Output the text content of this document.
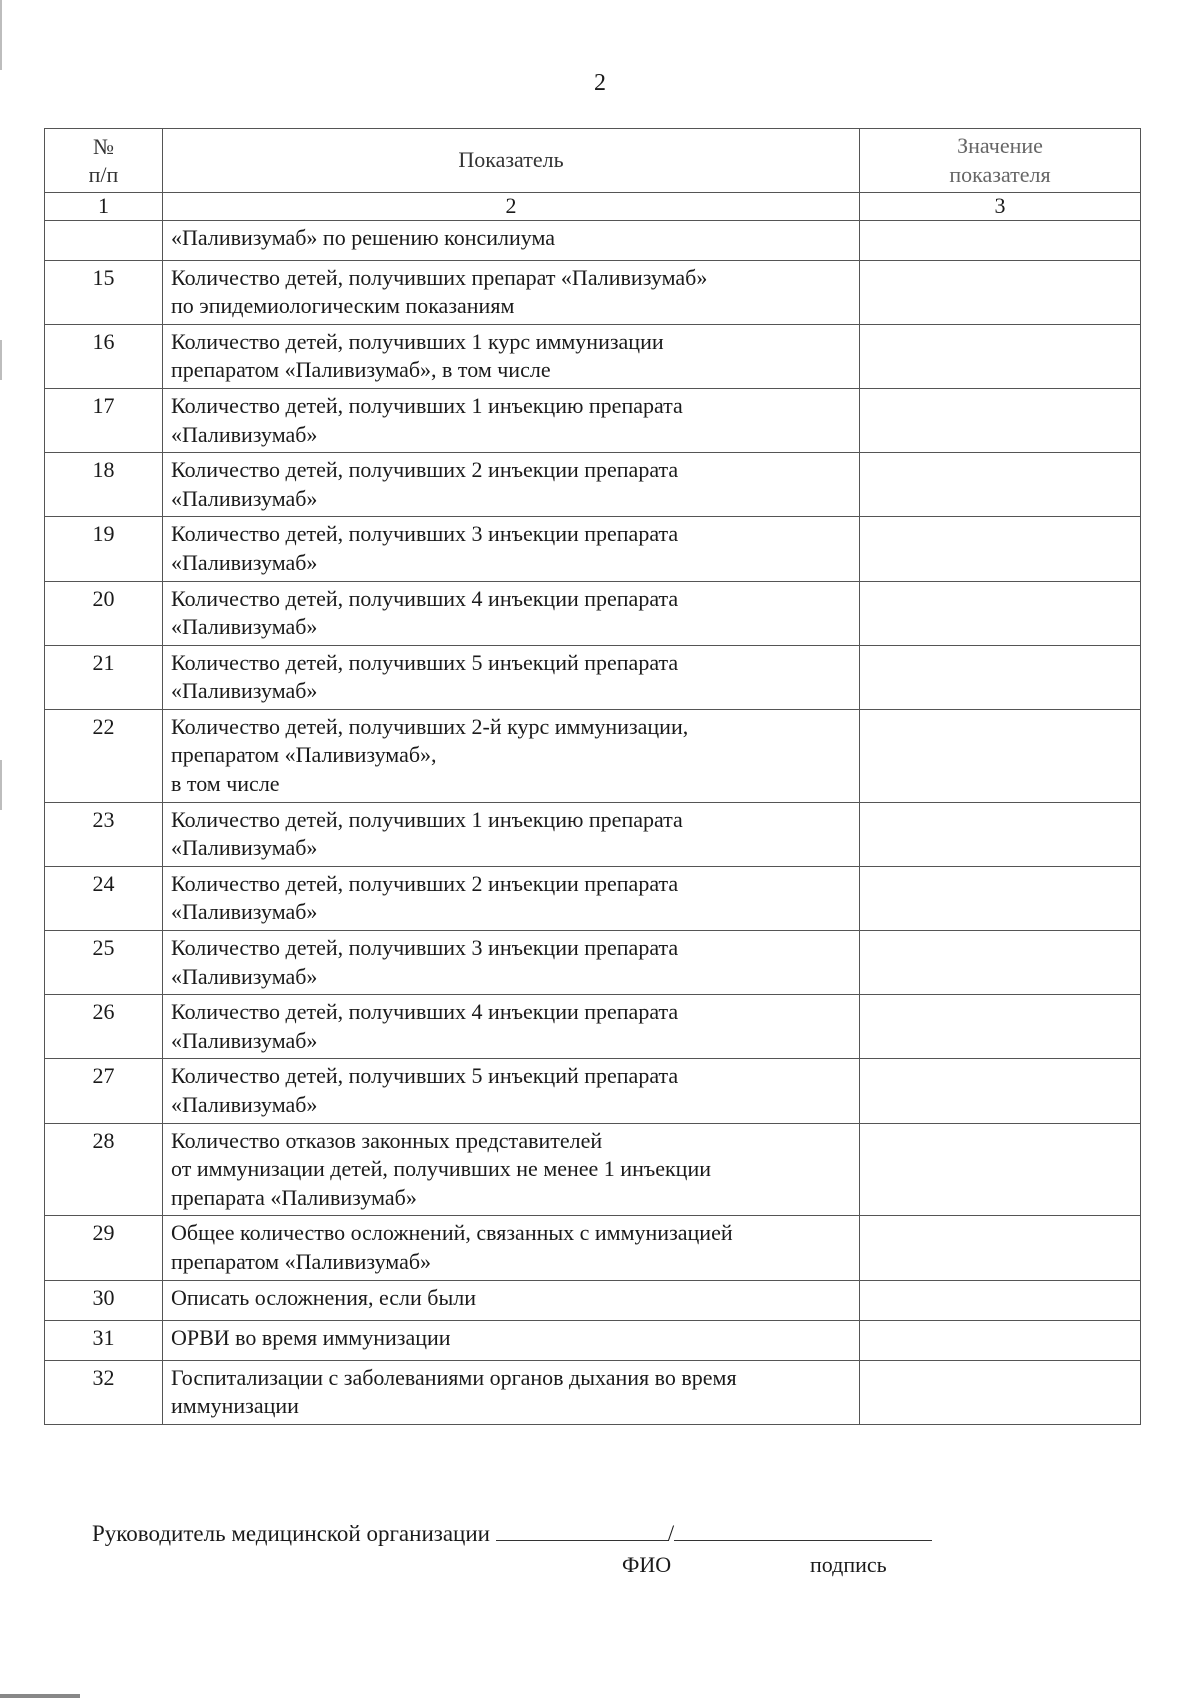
2
№
п/п	Показатель	Значение
показателя
1	2	3
	«Паливизумаб» по решению консилиума	
15	Количество детей, получивших препарат «Паливизумаб»
по эпидемиологическим показаниям	
16	Количество детей, получивших 1 курс иммунизации
препаратом «Паливизумаб», в том числе	
17	Количество детей, получивших 1 инъекцию препарата
«Паливизумаб»	
18	Количество детей, получивших 2 инъекции препарата
«Паливизумаб»	
19	Количество детей, получивших 3 инъекции препарата
«Паливизумаб»	
20	Количество детей, получивших 4 инъекции препарата
«Паливизумаб»	
21	Количество детей, получивших 5 инъекций препарата
«Паливизумаб»	
22	Количество детей, получивших 2-й курс иммунизации,
препаратом «Паливизумаб»,
в том числе	
23	Количество детей, получивших 1 инъекцию препарата
«Паливизумаб»	
24	Количество детей, получивших 2 инъекции препарата
«Паливизумаб»	
25	Количество детей, получивших 3 инъекции препарата
«Паливизумаб»	
26	Количество детей, получивших 4 инъекции препарата
«Паливизумаб»	
27	Количество детей, получивших 5 инъекций препарата
«Паливизумаб»	
28	Количество отказов законных представителей
от иммунизации детей, получивших не менее 1 инъекции
препарата «Паливизумаб»	
29	Общее количество осложнений, связанных с иммунизацией
препаратом «Паливизумаб»	
30	Описать осложнения, если были	
31	ОРВИ во время иммунизации	
32	Госпитализации с заболеваниями органов дыхания во время
иммунизации	
Руководитель медицинской организации	/
ФИО	подпись
